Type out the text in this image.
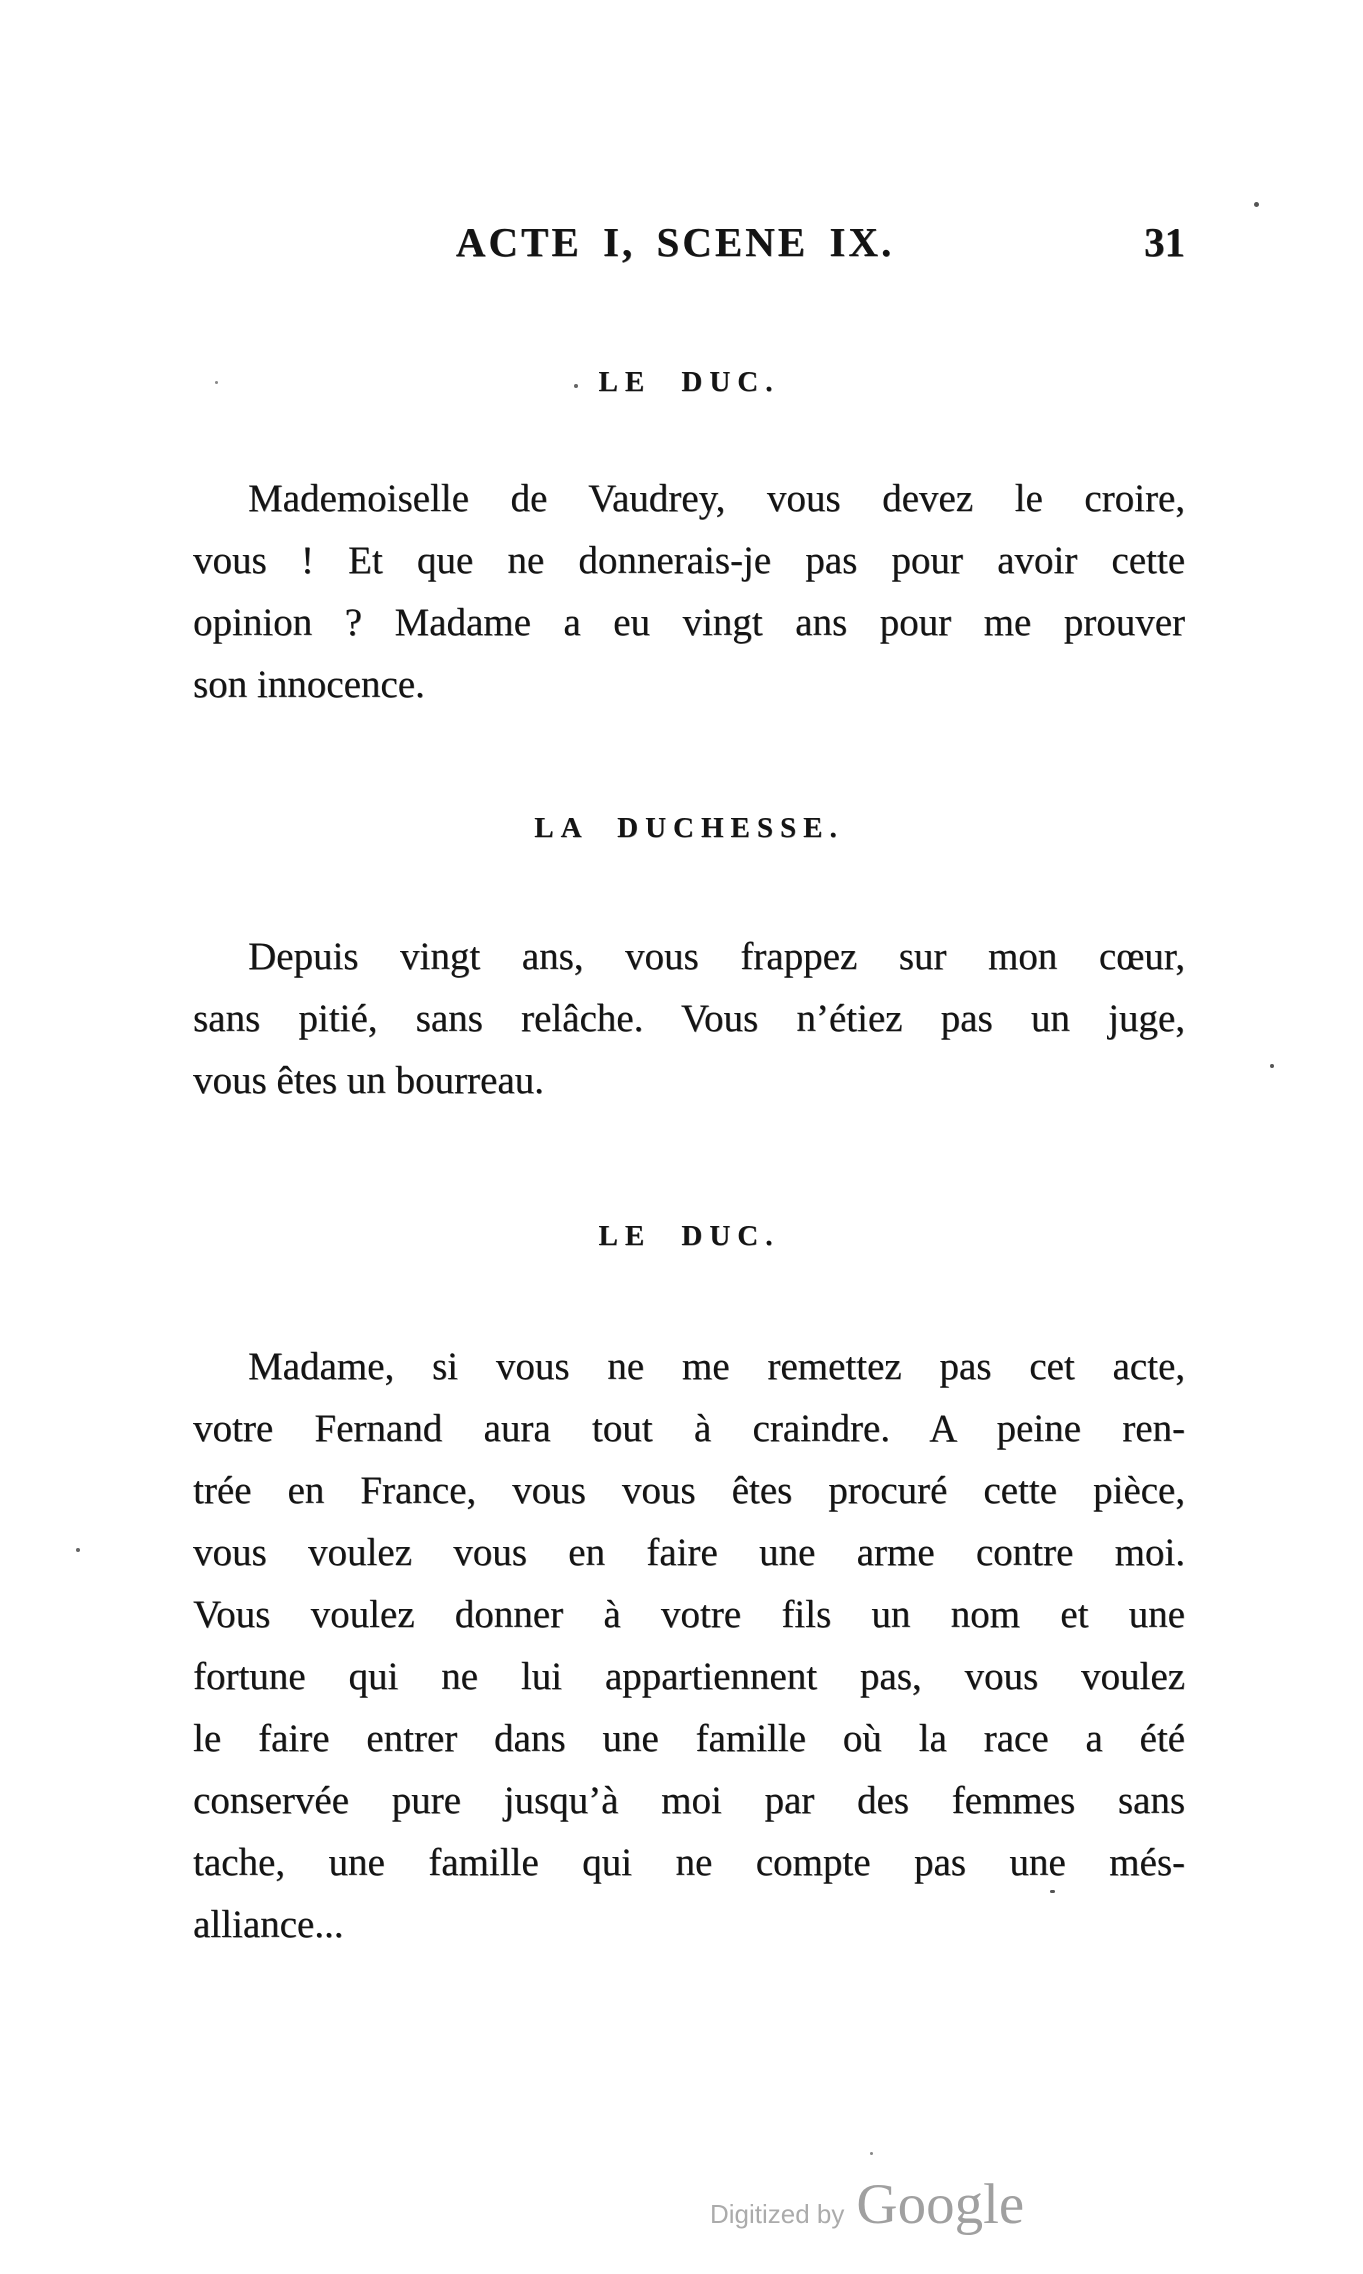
ACTE I, SCENE IX.	31
LE DUC.
Mademoiselle de Vaudrey, vous devez le croire,
vous ! Et que ne donnerais-je pas pour avoir cette
opinion ? Madame a eu vingt ans pour me prouver
son innocence.
LA DUCHESSE.
Depuis vingt ans, vous frappez sur mon cœur,
sans pitié, sans relâche. Vous n’étiez pas un juge,
vous êtes un bourreau.
LE DUC.
Madame, si vous ne me remettez pas cet acte,
votre Fernand aura tout à craindre. A peine ren-
trée en France, vous vous êtes procuré cette pièce,
vous voulez vous en faire une arme contre moi.
Vous voulez donner à votre fils un nom et une
fortune qui ne lui appartiennent pas, vous voulez
le faire entrer dans une famille où la race a été
conservée pure jusqu’à moi par des femmes sans
tache, une famille qui ne compte pas une més-
alliance...
Digitized by Google
